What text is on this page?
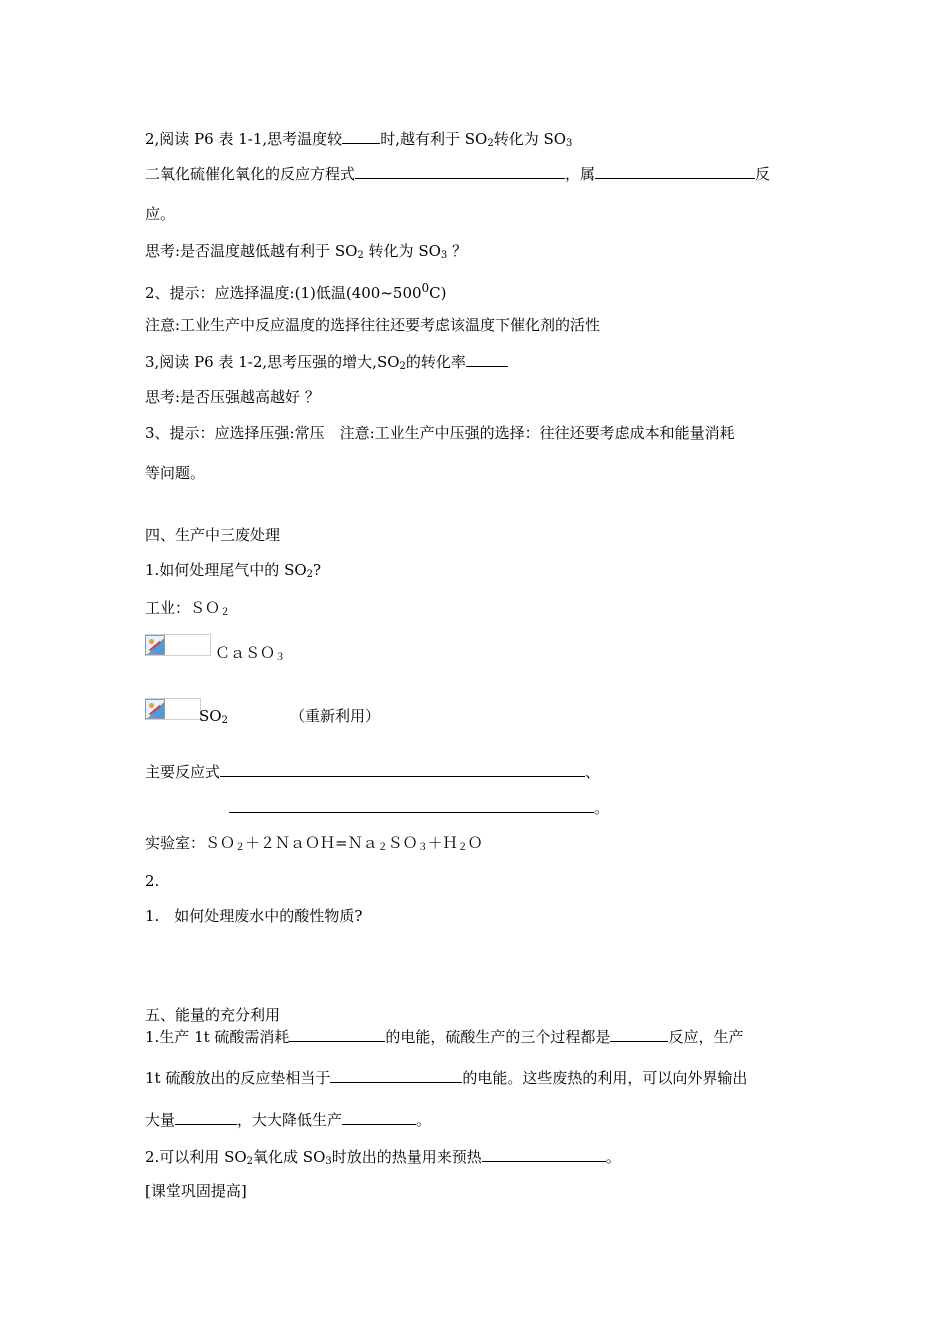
2,阅读 P6 表 1-1,思考温度较	时,越有利于 $SO_2$转化为 $SO_3$
二氧化硫催化氧化的反应方程式	，属	反
应。
思考:是否温度越低越有利于 $SO_2$ 转化为 $SO_3$ ？
2、提示：应选择温度:(1)低温$(400\sim 500^0C)$
注意:工业生产中反应温度的选择往往还要考虑该温度下催化剂的活性
3,阅读 P6 表 1-2,思考压强的增大$,SO_2$的转化率
思考:是否压强越高越好 ？
3、提示：应选择压强:常压　注意:工业生产中压强的选择：往往还要考虑成本和能量消耗
等问题。
四、生产中三废处理
1.如何处理尾气中的 $SO_2$?
工业：ＳＯ$_2$
ＣａＳＯ$_3$
$SO_2$	（重新利用）
主要反应式	、
。
实验室：ＳＯ$_2$＋２ＮａＯＨ=Ｎａ$_2$ＳＯ$_3$＋Ｈ$_2$Ｏ
2.
1.　如何处理废水中的酸性物质?
五、能量的充分利用
1.生产 1t 硫酸需消耗	的电能，硫酸生产的三个过程都是	反应，生产
1t 硫酸放出的反应垫相当于	的电能。这些废热的利用，可以向外界输出
大量	，大大降低生产	。
2.可以利用 $SO_2$氧化成 $SO_3$时放出的热量用来预热	。
[课堂巩固提高]
